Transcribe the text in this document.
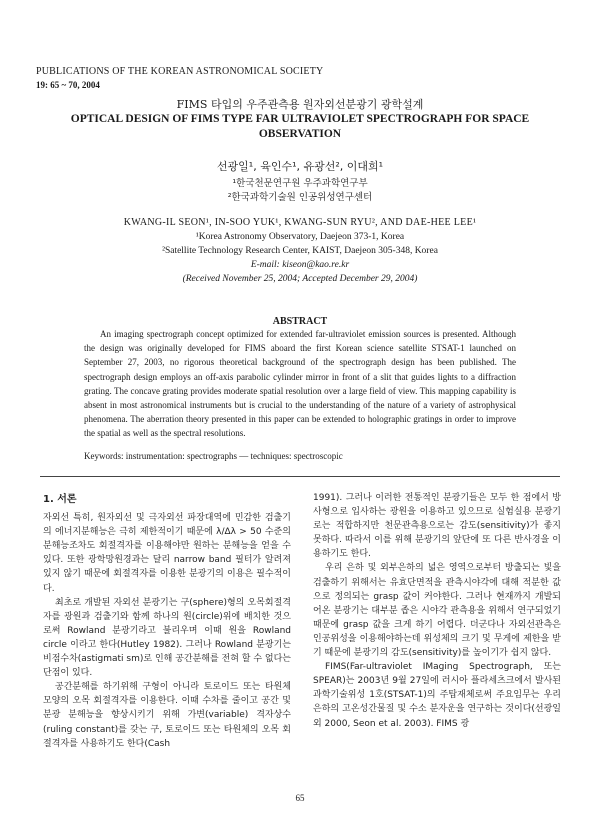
PUBLICATIONS OF THE KOREAN ASTRONOMICAL SOCIETY
19: 65 ~ 70, 2004
FIMS 타입의 우주관측용 원자외선분광기 광학설계
OPTICAL DESIGN OF FIMS TYPE FAR ULTRAVIOLET SPECTROGRAPH FOR SPACE OBSERVATION
선광일¹, 육인수¹, 유광선², 이대희¹
¹한국천문연구원 우주과학연구부
²한국과학기술원 인공위성연구센터
KWANG-IL SEON¹, IN-SOO YUK¹, KWANG-SUN RYU², AND DAE-HEE LEE¹
¹Korea Astronomy Observatory, Daejeon 373-1, Korea
²Satellite Technology Research Center, KAIST, Daejeon 305-348, Korea
E-mail: kiseon@kao.re.kr
(Received November 25, 2004; Accepted December 29, 2004)
ABSTRACT

An imaging spectrograph concept optimized for extended far-ultraviolet emission sources is presented. Although the design was originally developed for FIMS aboard the first Korean science satellite STSAT-1 launched on September 27, 2003, no rigorous theoretical background of the spectrograph design has been published. The spectrograph design employs an off-axis parabolic cylinder mirror in front of a slit that guides lights to a diffraction grating. The concave grating provides moderate spatial resolution over a large field of view. This mapping capability is absent in most astronomical instruments but is crucial to the understanding of the nature of a variety of astrophysical phenomena. The aberration theory presented in this paper can be extended to holographic gratings in order to improve the spatial as well as the spectral resolutions.

Keywords: instrumentation: spectrographs — techniques: spectroscopic
1. 서론

자외선 특히, 원자외선 및 극자외선 파장대역에 민감한 검출기의 에너지분해능은 극히 제한적이기 때문에 λ/Δλ > 50 수준의 분해능조차도 회절격자를 이용해야만 원하는 분해능을 얻을 수 있다. 또한 광학망원경과는 달리 narrow band 필터가 알려져 있지 않기 때문에 회절격자를 이용한 분광기의 이용은 필수적이다.

최초로 개발된 자외선 분광기는 구(sphere)형의 오목회절격자를 광원과 검출기와 함께 하나의 원(circle)위에 배치한 것으로써 Rowland 분광기라고 불리우며 이때 원을 Rowland circle 이라고 한다(Hutley 1982). 그러나 Rowland 분광기는 비점수차(astigmati sm)로 인해 공간분해를 전혀 할 수 없다는 단점이 있다.

공간분해를 하기위해 구형이 아니라 토로이드 또는 타원체 모양의 오목 회절격자를 이용한다. 이때 수차를 줄이고 공간 및 분광 분해능을 향상시키기 위해 가변(variable) 격자상수(ruling constant)를 갖는 구, 토로이드 또는 타원체의 오목 회절격자를 사용하기도 한다(Cash

1991). 그러나 이러한 전통적인 분광기들은 모두 한 점에서 방사형으로 입사하는 광원을 이용하고 있으므로 실험실용 분광기로는 적합하지만 천문관측용으로는 감도(sensitivity)가 좋지 못하다. 따라서 이를 위해 분광기의 앞단에 또 다른 반사경을 이용하기도 한다.

우리 은하 및 외부은하의 넓은 영역으로부터 방출되는 빛을 검출하기 위해서는 유효단면적을 관측시야각에 대해 적분한 값으로 정의되는 grasp 값이 커야한다. 그러나 현재까지 개발되어온 분광기는 대부분 좁은 시야각 관측용을 위해서 연구되었기 때문에 grasp 값을 크게 하기 어렵다. 더군다나 자외선관측은 인공위성을 이용해야하는데 위성체의 크기 및 무게에 제한을 받기 때문에 분광기의 감도(sensitivity)를 높이기가 쉽지 않다.

FIMS(Far-ultraviolet IMaging Spectrograph, 또는 SPEAR)는 2003년 9월 27일에 러시아 플라세츠크에서 발사된 과학기술위성 1호(STSAT-1)의 주탑재체로써 주요임무는 우리 은하의 고온성간물질 및 수소 분자운을 연구하는 것이다(선광일 외 2000, Seon et al. 2003). FIMS 광

65
